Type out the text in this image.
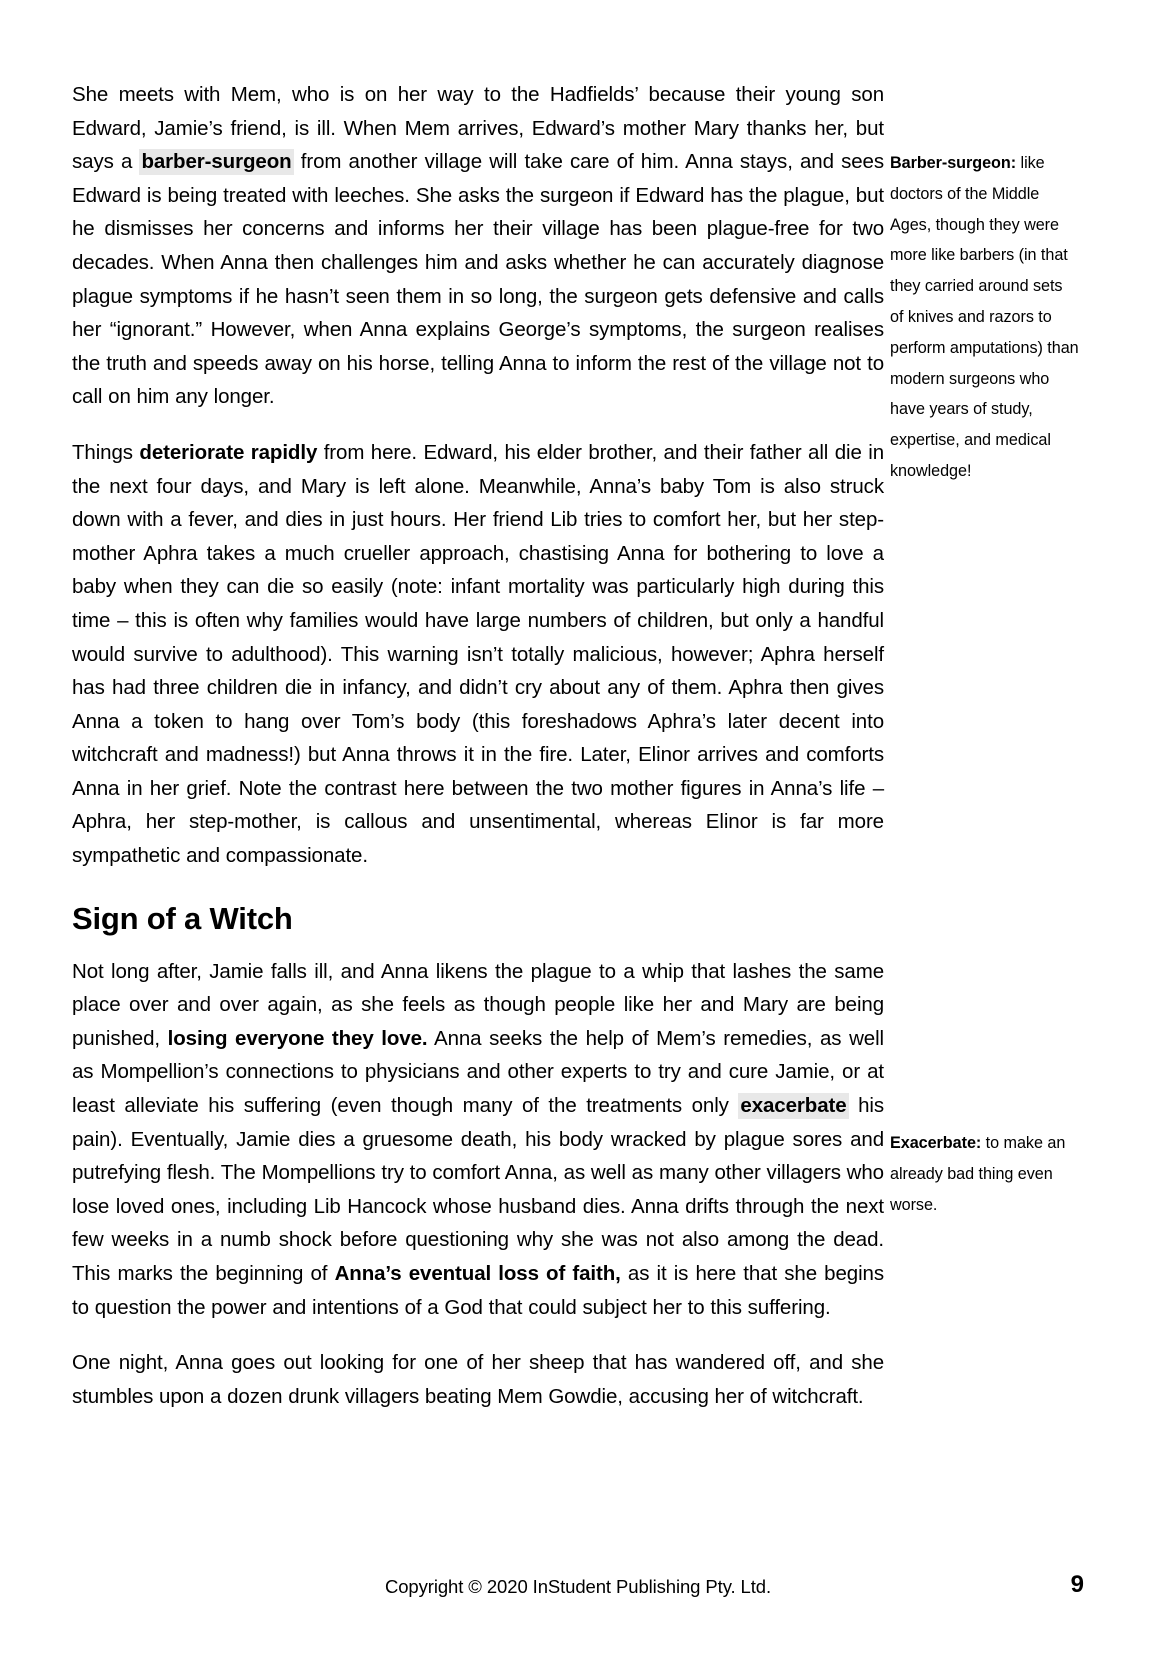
She meets with Mem, who is on her way to the Hadfields’ because their young son Edward, Jamie’s friend, is ill. When Mem arrives, Edward’s mother Mary thanks her, but says a barber-surgeon from another village will take care of him. Anna stays, and sees Edward is being treated with leeches. She asks the surgeon if Edward has the plague, but he dismisses her concerns and informs her their village has been plague-free for two decades. When Anna then challenges him and asks whether he can accurately diagnose plague symptoms if he hasn’t seen them in so long, the surgeon gets defensive and calls her “ignorant.” However, when Anna explains George’s symptoms, the surgeon realises the truth and speeds away on his horse, telling Anna to inform the rest of the village not to call on him any longer.

Things deteriorate rapidly from here. Edward, his elder brother, and their father all die in the next four days, and Mary is left alone. Meanwhile, Anna’s baby Tom is also struck down with a fever, and dies in just hours. Her friend Lib tries to comfort her, but her step-mother Aphra takes a much crueller approach, chastising Anna for bothering to love a baby when they can die so easily (note: infant mortality was particularly high during this time – this is often why families would have large numbers of children, but only a handful would survive to adulthood). This warning isn’t totally malicious, however; Aphra herself has had three children die in infancy, and didn’t cry about any of them. Aphra then gives Anna a token to hang over Tom’s body (this foreshadows Aphra’s later decent into witchcraft and madness!) but Anna throws it in the fire. Later, Elinor arrives and comforts Anna in her grief. Note the contrast here between the two mother figures in Anna’s life – Aphra, her step-mother, is callous and unsentimental, whereas Elinor is far more sympathetic and compassionate.

Sign of a Witch

Not long after, Jamie falls ill, and Anna likens the plague to a whip that lashes the same place over and over again, as she feels as though people like her and Mary are being punished, losing everyone they love. Anna seeks the help of Mem’s remedies, as well as Mompellion’s connections to physicians and other experts to try and cure Jamie, or at least alleviate his suffering (even though many of the treatments only exacerbate his pain). Eventually, Jamie dies a gruesome death, his body wracked by plague sores and putrefying flesh. The Mompellions try to comfort Anna, as well as many other villagers who lose loved ones, including Lib Hancock whose husband dies. Anna drifts through the next few weeks in a numb shock before questioning why she was not also among the dead. This marks the beginning of Anna’s eventual loss of faith, as it is here that she begins to question the power and intentions of a God that could subject her to this suffering.

One night, Anna goes out looking for one of her sheep that has wandered off, and she stumbles upon a dozen drunk villagers beating Mem Gowdie, accusing her of witchcraft.

Barber-surgeon: like doctors of the Middle Ages, though they were more like barbers (in that they carried around sets of knives and razors to perform amputations) than modern surgeons who have years of study, expertise, and medical knowledge!

Exacerbate: to make an already bad thing even worse.

Copyright © 2020 InStudent Publishing Pty. Ltd.	9
